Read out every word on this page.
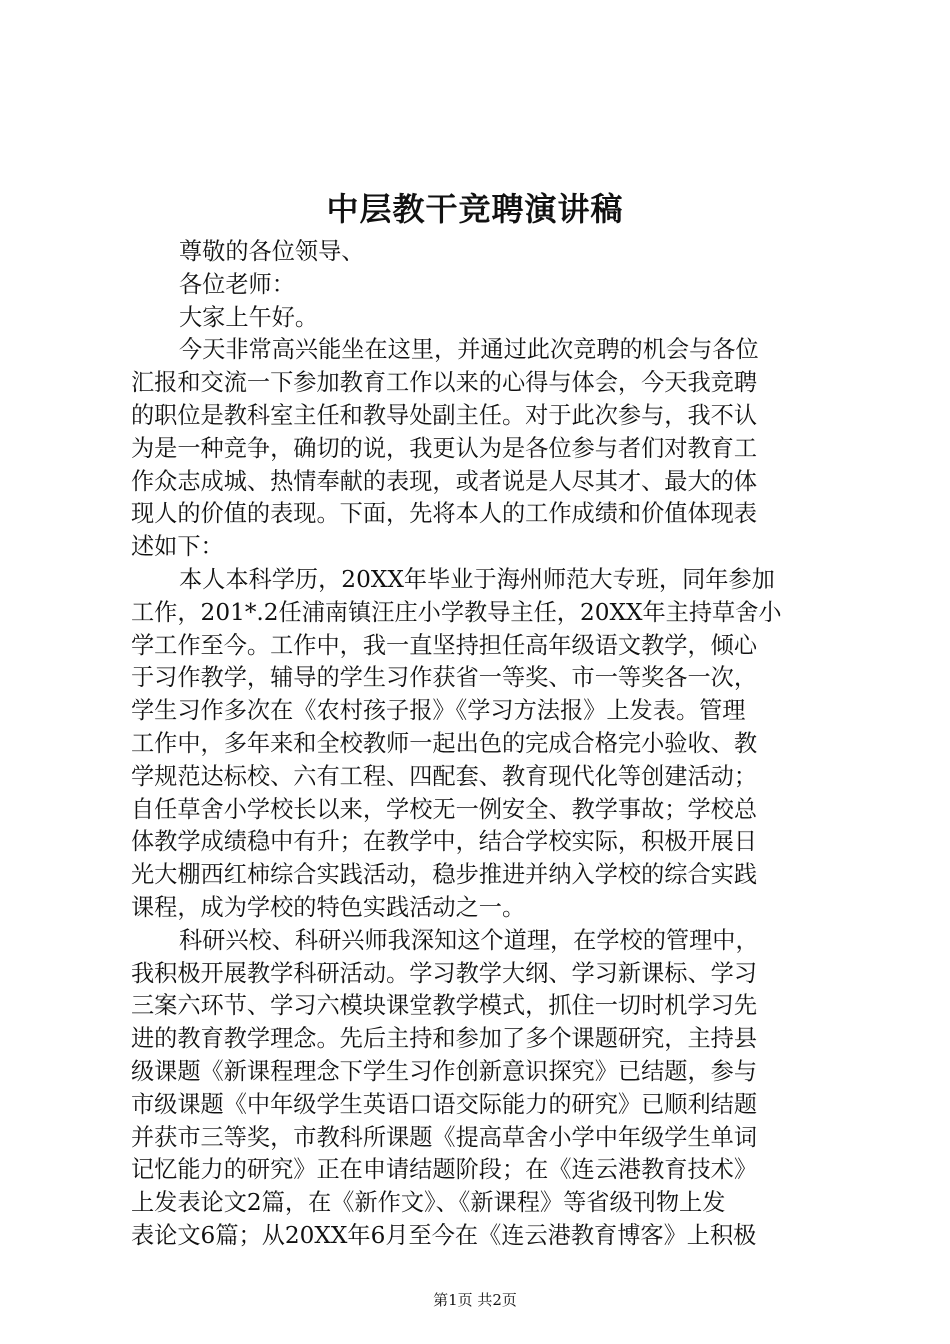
中层教干竞聘演讲稿
尊敬的各位领导、
各位老师：
大家上午好。
今天非常高兴能坐在这里，并通过此次竞聘的机会与各位
汇报和交流一下参加教育工作以来的心得与体会，今天我竞聘
的职位是教科室主任和教导处副主任。对于此次参与，我不认
为是一种竞争，确切的说，我更认为是各位参与者们对教育工
作众志成城、热情奉献的表现，或者说是人尽其才、最大的体
现人的价值的表现。下面，先将本人的工作成绩和价值体现表
述如下：
本人本科学历，20XX年毕业于海州师范大专班，同年参加
工作，201*.2任浦南镇汪庄小学教导主任，20XX年主持草舍小
学工作至今。工作中，我一直坚持担任高年级语文教学，倾心
于习作教学，辅导的学生习作获省一等奖、市一等奖各一次，
学生习作多次在《农村孩子报》《学习方法报》上发表。管理
工作中，多年来和全校教师一起出色的完成合格完小验收、教
学规范达标校、六有工程、四配套、教育现代化等创建活动；
自任草舍小学校长以来，学校无一例安全、教学事故；学校总
体教学成绩稳中有升；在教学中，结合学校实际，积极开展日
光大棚西红柿综合实践活动，稳步推进并纳入学校的综合实践
课程，成为学校的特色实践活动之一。
科研兴校、科研兴师我深知这个道理，在学校的管理中，
我积极开展教学科研活动。学习教学大纲、学习新课标、学习
三案六环节、学习六模块课堂教学模式，抓住一切时机学习先
进的教育教学理念。先后主持和参加了多个课题研究，主持县
级课题《新课程理念下学生习作创新意识探究》已结题，参与
市级课题《中年级学生英语口语交际能力的研究》已顺利结题
并获市三等奖，市教科所课题《提高草舍小学中年级学生单词
记忆能力的研究》正在申请结题阶段；在《连云港教育技术》
上发表论文2篇，在《新作文》、《新课程》等省级刊物上发
表论文6篇；从20XX年6月至今在《连云港教育博客》上积极
第1页 共2页
